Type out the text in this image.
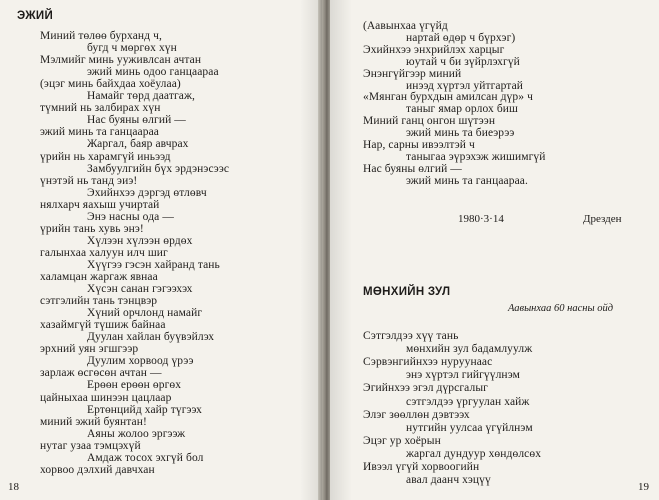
ЭЖИЙ
Миний төлөө бурханд ч,
бугд ч мөргөх хүн
Мэлмийг минь ууживлсан ачтан
эжий минь одоо ганцаараа
(эцэг минь байхдаа хоёулаа)
Намайг төрд даатгаж,
түмний нь залбирах хүн
Нас буяны өлгий —
эжий минь та ганцаараа
Жаргал, баяр авчрах
үрийн нь харамгүй иньээд
Замбуулгийн бүх эрдэнэсээс
үнэтэй нь танд эиэ!
Эхийнхээ дэргэд өтлөвч
нялхарч яахыш учиртай
Энэ насны ода —
үрийн тань хувь энэ!
Хүлээн хүлээн өрдөх
галынхаа халуун илч шиг
Хүүгээ гэсэн хайранд тань
халамцан жаргаж явнаа
Хүсэн санан гэгээхэх
сэтгэлийн тань тэнцвэр
Хүний орчлонд намайг
хазаймгүй түшиж байнаа
Дуулан хайлан буүвэйлэх
эрхний уян эгшгээр
Дуулим хорвоод үрээ
зарлаж өсгөсөн ачтан —
Ерөөн ерөөн өргөх
цайныхаа шинээн цацлаар
Ертөнцийд хайр түгээх
миний эжий буянтан!
Аяны жолоо эргээж
нутаг узаа тэмцэхүй
Амдаж тосох эхгүй бол
хорвоо дэлхий давчхан
18
(Аавынхаа үгүйд
нартай өдөр ч бүрхэг)
Эхийнхээ энхрийлэх харцыг
юутай ч би зүйрлэхгүй
Энэнгүйгээр миний
инээд хүртэл уйтгартай
«Мянган бурхдын амилсан дүр» ч
таныг ямар орлох биш
Миний ганц онгон шүтээн
эжий минь та биеэрээ
Нар, сарны ивээлтэй ч
таныгаа эүрэхэж жишимгүй
Нас буяны өлгий —
эжий минь та ганцаараа.
1980·3·14	Дрезден
МӨНХИЙН ЗУЛ
Аавынхаа 60 насны ойд
Сэтгэлдээ хүү тань
мөнхийн зул бадамлуулж
Сэрвэнгийнхээ нуруунаас
энэ хүртэл гийгүүлнэм
Эгийнхээ эгэл дүрсгалыг
сэтгэлдээ үргуулан хайж
Элэг зөөллөн дэвтээх
нутгийн уулсаа үгүйлнэм
Эцэг ур хоёрын
жаргал дундуур хөндөлсөх
Ивээл үгүй хорвоогийн
авал даанч хэцүү
19
